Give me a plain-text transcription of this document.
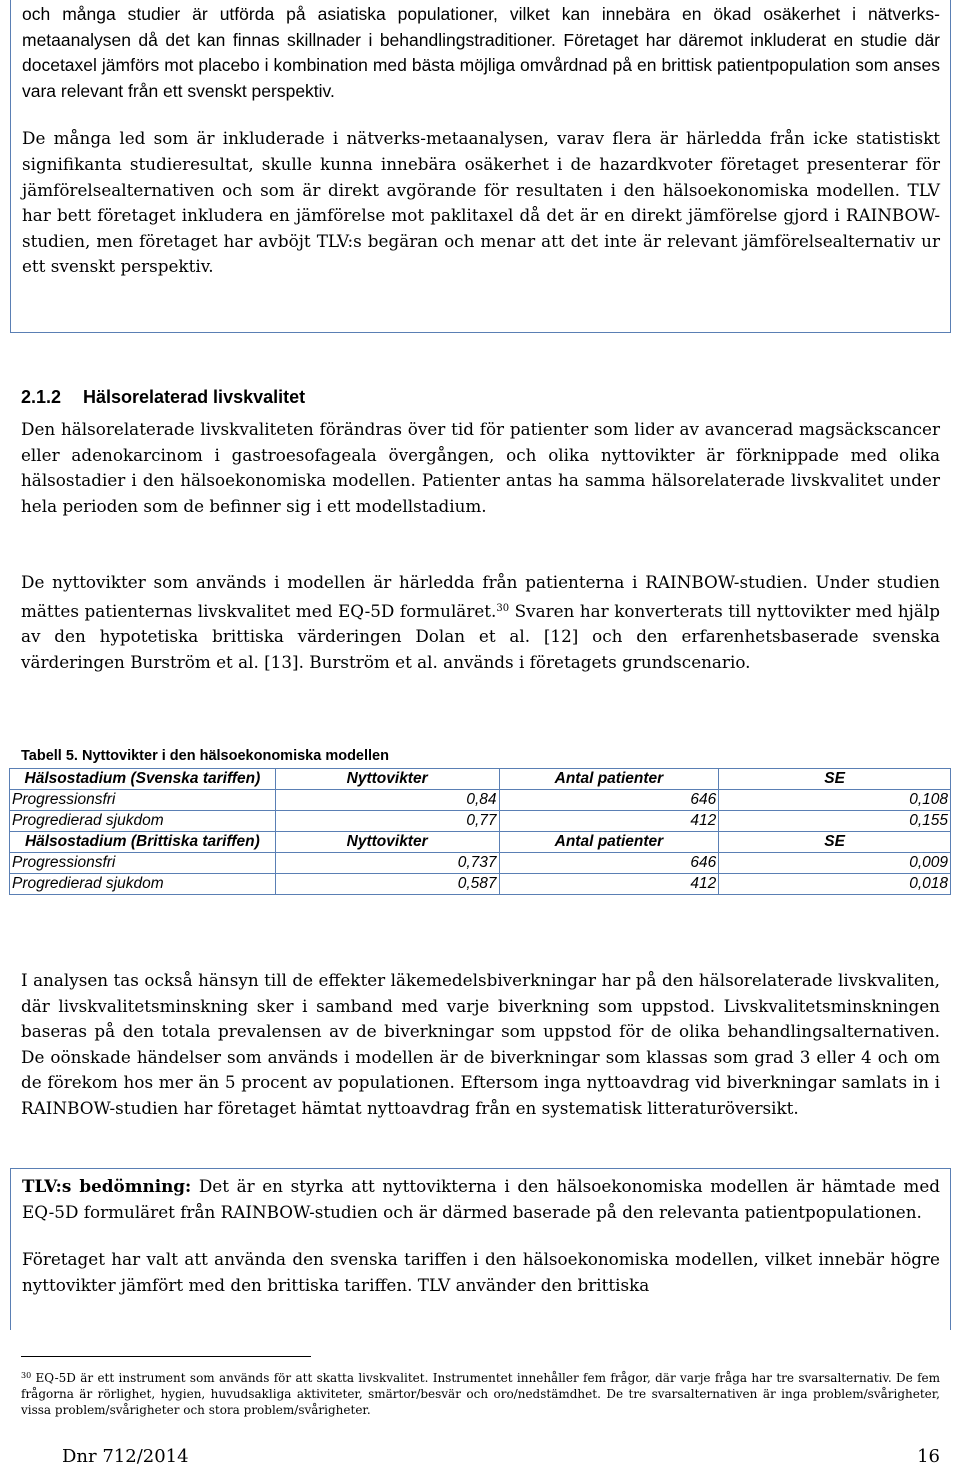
och många studier är utförda på asiatiska populationer, vilket kan innebära en ökad osäkerhet i nätverks-metaanalysen då det kan finnas skillnader i behandlingstraditioner. Företaget har däremot inkluderat en studie där docetaxel jämförs mot placebo i kombination med bästa möjliga omvårdnad på en brittisk patientpopulation som anses vara relevant från ett svenskt perspektiv.

De många led som är inkluderade i nätverks-metaanalysen, varav flera är härledda från icke statistiskt signifikanta studieresultat, skulle kunna innebära osäkerhet i de hazardkvoter företaget presenterar för jämförelsealternativen och som är direkt avgörande för resultaten i den hälsoekonomiska modellen. TLV har bett företaget inkludera en jämförelse mot paklitaxel då det är en direkt jämförelse gjord i RAINBOW-studien, men företaget har avböjt TLV:s begäran och menar att det inte är relevant jämförelsealternativ ur ett svenskt perspektiv.

2.1.2 Hälsorelaterad livskvalitet

Den hälsorelaterade livskvaliteten förändras över tid för patienter som lider av avancerad magsäckscancer eller adenokarcinom i gastroesofageala övergången, och olika nyttovikter är förknippade med olika hälsostadier i den hälsoekonomiska modellen. Patienter antas ha samma hälsorelaterade livskvalitet under hela perioden som de befinner sig i ett modellstadium.

De nyttovikter som används i modellen är härledda från patienterna i RAINBOW-studien. Under studien mättes patienternas livskvalitet med EQ-5D formuläret.$^{30}$ Svaren har konverterats till nyttovikter med hjälp av den hypotetiska brittiska värderingen Dolan et al. [12] och den erfarenhetsbaserade svenska värderingen Burström et al. [13]. Burström et al. används i företagets grundscenario.

Tabell 5. Nyttovikter i den hälsoekonomiska modellen
Hälsostadium (Svenska tariffen)	Nyttovikter	Antal patienter	SE
Progressionsfri	0,84	646	0,108
Progredierad sjukdom	0,77	412	0,155
Hälsostadium (Brittiska tariffen)	Nyttovikter	Antal patienter	SE
Progressionsfri	0,737	646	0,009
Progredierad sjukdom	0,587	412	0,018

I analysen tas också hänsyn till de effekter läkemedelsbiverkningar har på den hälsorelaterade livskvaliten, där livskvalitetsminskning sker i samband med varje biverkning som uppstod. Livskvalitetsminskningen baseras på den totala prevalensen av de biverkningar som uppstod för de olika behandlingsalternativen. De oönskade händelser som används i modellen är de biverkningar som klassas som grad 3 eller 4 och om de förekom hos mer än 5 procent av populationen. Eftersom inga nyttoavdrag vid biverkningar samlats in i RAINBOW-studien har företaget hämtat nyttoavdrag från en systematisk litteraturöversikt.

TLV:s bedömning: Det är en styrka att nyttovikterna i den hälsoekonomiska modellen är hämtade med EQ-5D formuläret från RAINBOW-studien och är därmed baserade på den relevanta patientpopulationen.

Företaget har valt att använda den svenska tariffen i den hälsoekonomiska modellen, vilket innebär högre nyttovikter jämfört med den brittiska tariffen. TLV använder den brittiska

$^{30}$ EQ-5D är ett instrument som används för att skatta livskvalitet. Instrumentet innehåller fem frågor, där varje fråga har tre svarsalternativ. De fem frågorna är rörlighet, hygien, huvudsakliga aktiviteter, smärtor/besvär och oro/nedstämdhet. De tre svarsalternativen är inga problem/svårigheter, vissa problem/svårigheter och stora problem/svårigheter.

Dnr 712/2014	16
